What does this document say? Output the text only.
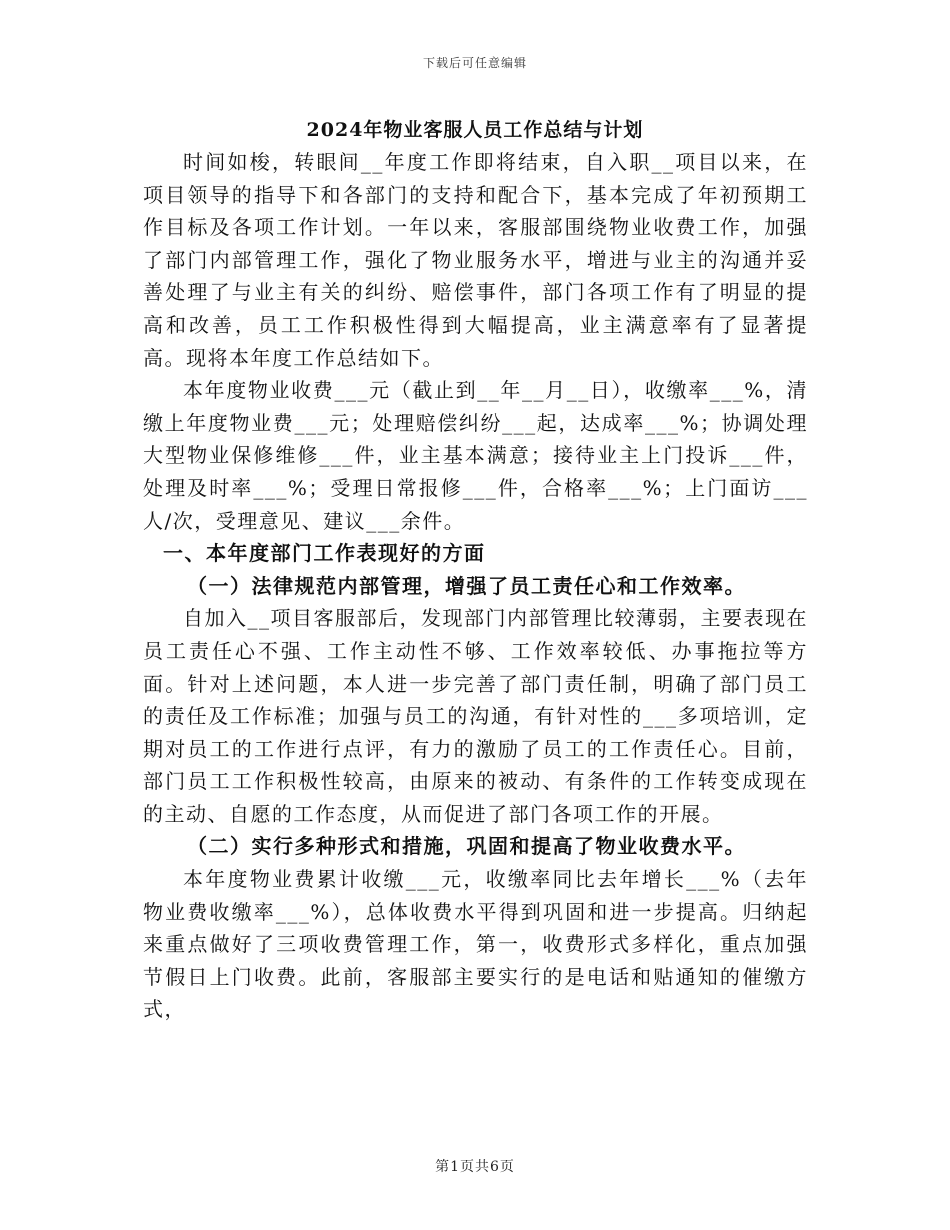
下载后可任意编辑
2024年物业客服人员工作总结与计划

时间如梭，转眼间__年度工作即将结束，自入职__项目以来，在项目领导的指导下和各部门的支持和配合下，基本完成了年初预期工作目标及各项工作计划。一年以来，客服部围绕物业收费工作，加强了部门内部管理工作，强化了物业服务水平，增进与业主的沟通并妥善处理了与业主有关的纠纷、赔偿事件，部门各项工作有了明显的提高和改善，员工工作积极性得到大幅提高，业主满意率有了显著提高。现将本年度工作总结如下。

本年度物业收费___元（截止到__年__月__日），收缴率___%，清缴上年度物业费___元；处理赔偿纠纷___起，达成率___%；协调处理大型物业保修维修___件，业主基本满意；接待业主上门投诉___件，处理及时率___%；受理日常报修___件，合格率___%；上门面访___人/次，受理意见、建议___余件。

一、本年度部门工作表现好的方面

（一）法律规范内部管理，增强了员工责任心和工作效率。

自加入__项目客服部后，发现部门内部管理比较薄弱，主要表现在员工责任心不强、工作主动性不够、工作效率较低、办事拖拉等方面。针对上述问题，本人进一步完善了部门责任制，明确了部门员工的责任及工作标准；加强与员工的沟通，有针对性的___多项培训，定期对员工的工作进行点评，有力的激励了员工的工作责任心。目前，部门员工工作积极性较高，由原来的被动、有条件的工作转变成现在的主动、自愿的工作态度，从而促进了部门各项工作的开展。

（二）实行多种形式和措施，巩固和提高了物业收费水平。

本年度物业费累计收缴___元，收缴率同比去年增长___%（去年物业费收缴率___%），总体收费水平得到巩固和进一步提高。归纳起来重点做好了三项收费管理工作，第一，收费形式多样化，重点加强节假日上门收费。此前，客服部主要实行的是电话和贴通知的催缴方式，

第1页共6页
